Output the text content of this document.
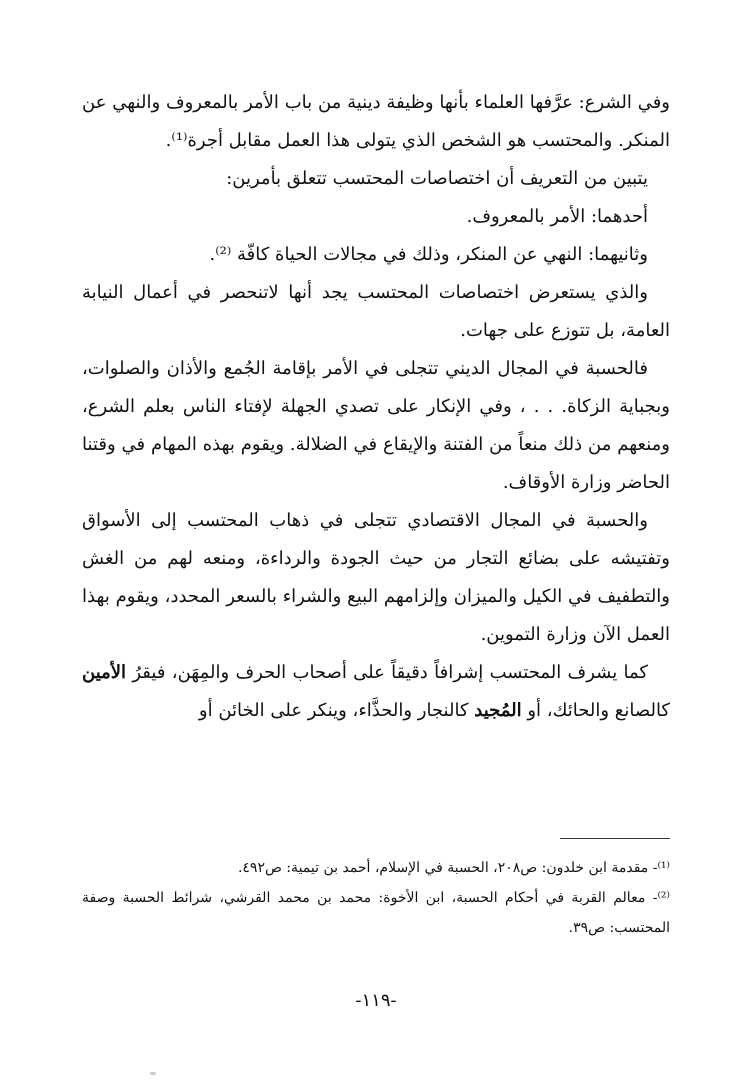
وفي الشرع: عرَّفها العلماء بأنها وظيفة دينية من باب الأمر بالمعروف والنهي عن المنكر. والمحتسب هو الشخص الذي يتولى هذا العمل مقابل أجرة⁽¹⁾.

يتبين من التعريف أن اختصاصات المحتسب تتعلق بأمرين:

أحدهما: الأمر بالمعروف.

وثانيهما: النهي عن المنكر، وذلك في مجالات الحياة كافّة ⁽²⁾.

والذي يستعرض اختصاصات المحتسب يجد أنها لاتنحصر في أعمال النيابة العامة، بل تتوزع على جهات.

فالحسبة في المجال الديني تتجلى في الأمر بإقامة الجُمع والأذان والصلوات، وبجباية الزكاة. . . ، وفي الإنكار على تصدي الجهلة لإفتاء الناس بعلم الشرع، ومنعهم من ذلك منعاً من الفتنة والإيقاع في الضلالة. ويقوم بهذه المهام في وقتنا الحاضر وزارة الأوقاف.

والحسبة في المجال الاقتصادي تتجلى في ذهاب المحتسب إلى الأسواق وتفتيشه على بضائع التجار من حيث الجودة والرداءة، ومنعه لهم من الغش والتطفيف في الكيل والميزان وإلزامهم البيع والشراء بالسعر المحدد، ويقوم بهذا العمل الآن وزارة التموين.

كما يشرف المحتسب إشرافاً دقيقاً على أصحاب الحرف والمِهَن، فيقرُ الأمين كالصانع والحائك، أو المُجيد كالنجار والحذَّاء، وينكر على الخائن أو

⁽¹⁾- مقدمة ابن خلدون: ص٢٠٨، الحسبة في الإسلام، أحمد بن تيمية: ص٤٩٢.

⁽²⁾- معالم القربة في أحكام الحسبة، ابن الأخوة: محمد بن محمد القرشي، شرائط الحسبة وصفة المحتسب: ص٣٩.

-١١٩-
